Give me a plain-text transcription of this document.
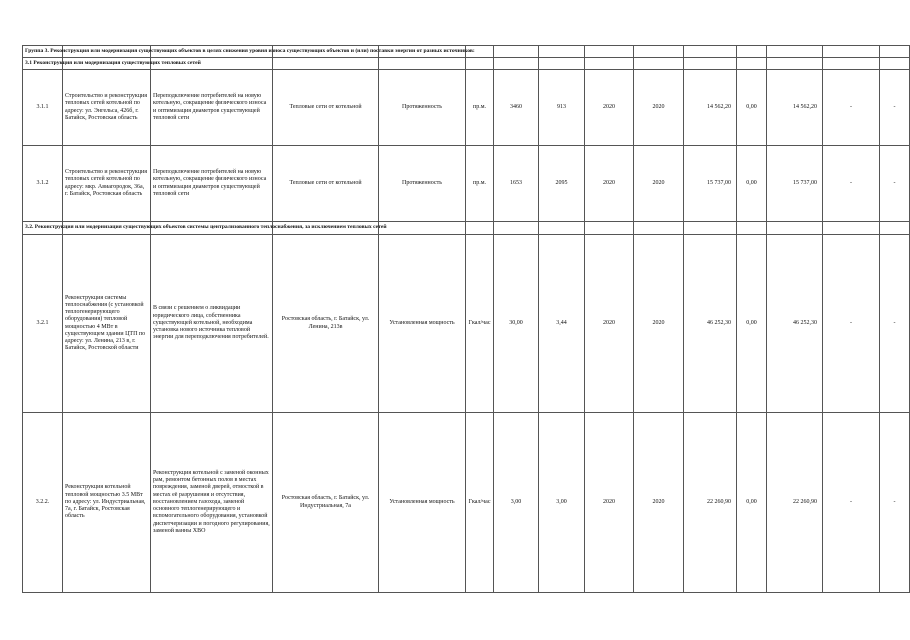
Группа 3. Реконструкция или модернизация существующих объектов в целях снижения уровня износа существующих объектов и (или) поставки энергии от разных источников:														
3.1 Реконструкция или модернизация существующих тепловых сетей														
3.1.1	Строительство и реконструкция тепловых сетей котельной по адресу: ул. Энгельса, 426б, г. Батайск, Ростовская область	Переподключение потребителей на новую котельную, сокращение физического износа и оптимизация диаметров существующей тепловой сети	Тепловые сети от котельной	Протяженность	пр.м.	3460	913	2020	2020	14 562,20	0,00	14 562,20	-	-
3.1.2	Строительство и реконструкция тепловых сетей котельной по адресу: мкр. Авиагородок, 36а, г. Батайск, Ростовская область	Переподключение потребителей на новую котельную, сокращение физического износа и оптимизация диаметров существующей тепловой сети	Тепловые сети от котельной	Протяженность	пр.м.	1653	2095	2020	2020	15 737,00	0,00	15 737,00	-	-
3.2. Реконструкция или модернизация существующих объектов системы централизованного теплоснабжения, за исключением тепловых сетей														
3.2.1	Реконструкция системы теплоснабжения (с установкой теплогенерирующего оборудования) тепловой мощностью 4 МВт в существующем здании ЦТП по адресу: ул. Ленина, 213 в, г. Батайск, Ростовской области	В связи с решением о ликвидации юридического лица, собственника существующей котельной, необходима установка нового источника тепловой энергии для переподключения потребителей.	Ростовская область, г. Батайск, ул. Ленина, 213в	Установленная мощность	Гкал/час	30,00	3,44	2020	2020	46 252,30	0,00	46 252,30	-	-
3.2.2.	Реконструкция котельной тепловой мощностью 3.5 МВт по адресу: ул. Индустриальная, 7а, г. Батайск, Ростовская область	Реконструкция котельной с заменой оконных рам, ремонтом бетонных полов в местах повреждения, заменой дверей, отмосткой в местах её разрушения и отсутствия, восстановлением газохода, заменой основного теплогенерирующего и вспомогательного оборудования, установкой диспетчеризации и погодного регулирования, заменой ванны ХВО	Ростовская область, г. Батайск, ул. Индустриальная, 7а	Установленная мощность	Гкал/час	3,00	3,00	2020	2020	22 260,90	0,00	22 260,90	-	-
